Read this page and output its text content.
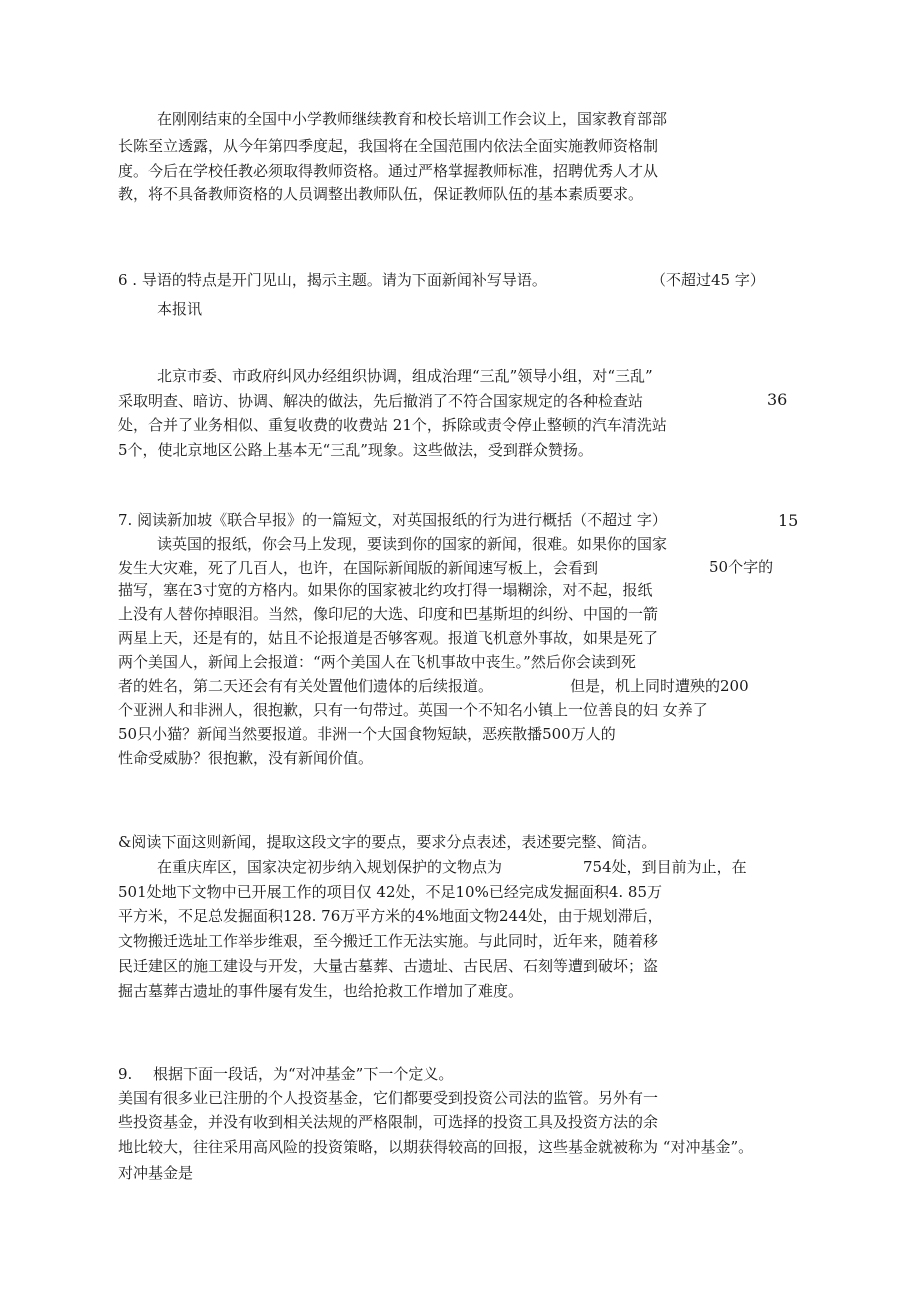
在刚刚结束的全国中小学教师继续教育和校长培训工作会议上，国家教育部部
长陈至立透露，从今年第四季度起，我国将在全国范围内依法全面实施教师资格制
度。今后在学校任教必须取得教师资格。通过严格掌握教师标准，招聘优秀人才从
教，将不具备教师资格的人员调整出教师队伍，保证教师队伍的基本素质要求。
6 . 导语的特点是开门见山，揭示主题。请为下面新闻补写导语。	（不超过45 字）
本报讯
北京市委、市政府纠风办经组织协调，组成治理“三乱”领导小组，对“三乱”
采取明查、暗访、协调、解决的做法，先后撤消了不符合国家规定的各种检查站	36
处，合并了业务相似、重复收费的收费站 21个，拆除或责令停止整顿的汽车清洗站
5个，使北京地区公路上基本无“三乱”现象。这些做法，受到群众赞扬。
7. 阅读新加坡《联合早报》的一篇短文，对英国报纸的行为进行概括（不超过 字）	15
读英国的报纸，你会马上发现，要读到你的国家的新闻，很难。如果你的国家
发生大灾难，死了几百人，也许，在国际新闻版的新闻速写板上，会看到	50个字的
描写，塞在3寸宽的方格内。如果你的国家被北约攻打得一塌糊涂，对不起，报纸
上没有人替你掉眼泪。当然，像印尼的大选、印度和巴基斯坦的纠纷、中国的一箭
两星上天，还是有的，姑且不论报道是否够客观。报道飞机意外事故，如果是死了
两个美国人，新闻上会报道：“两个美国人在飞机事故中丧生。”然后你会读到死
者的姓名，第二天还会有有关处置他们遗体的后续报道。	但是，机上同时遭殃的200
个亚洲人和非洲人，很抱歉，只有一句带过。英国一个不知名小镇上一位善良的妇 女养了
50只小猫？新闻当然要报道。非洲一个大国食物短缺，恶疾散播500万人的
性命受威胁？很抱歉，没有新闻价值。
&阅读下面这则新闻，提取这段文字的要点，要求分点表述，表述要完整、简洁。
在重庆库区，国家决定初步纳入规划保护的文物点为	754处，到目前为止，在
501处地下文物中已开展工作的项目仅 42处，不足10%已经完成发掘面积4. 85万
平方米，不足总发掘面积128. 76万平方米的4%地面文物244处，由于规划滞后，
文物搬迁选址工作举步维艰，至今搬迁工作无法实施。与此同时，近年来，随着移
民迁建区的施工建设与开发，大量古墓葬、古遗址、古民居、石刻等遭到破坏；盗
掘古墓葬古遗址的事件屡有发生，也给抢救工作增加了难度。
9. 根据下面一段话，为“对冲基金”下一个定义。
美国有很多业已注册的个人投资基金，它们都要受到投资公司法的监管。另外有一
些投资基金，并没有收到相关法规的严格限制，可选择的投资工具及投资方法的余
地比较大，往往采用高风险的投资策略，以期获得较高的回报，这些基金就被称为 “对冲基金”。
对冲基金是
